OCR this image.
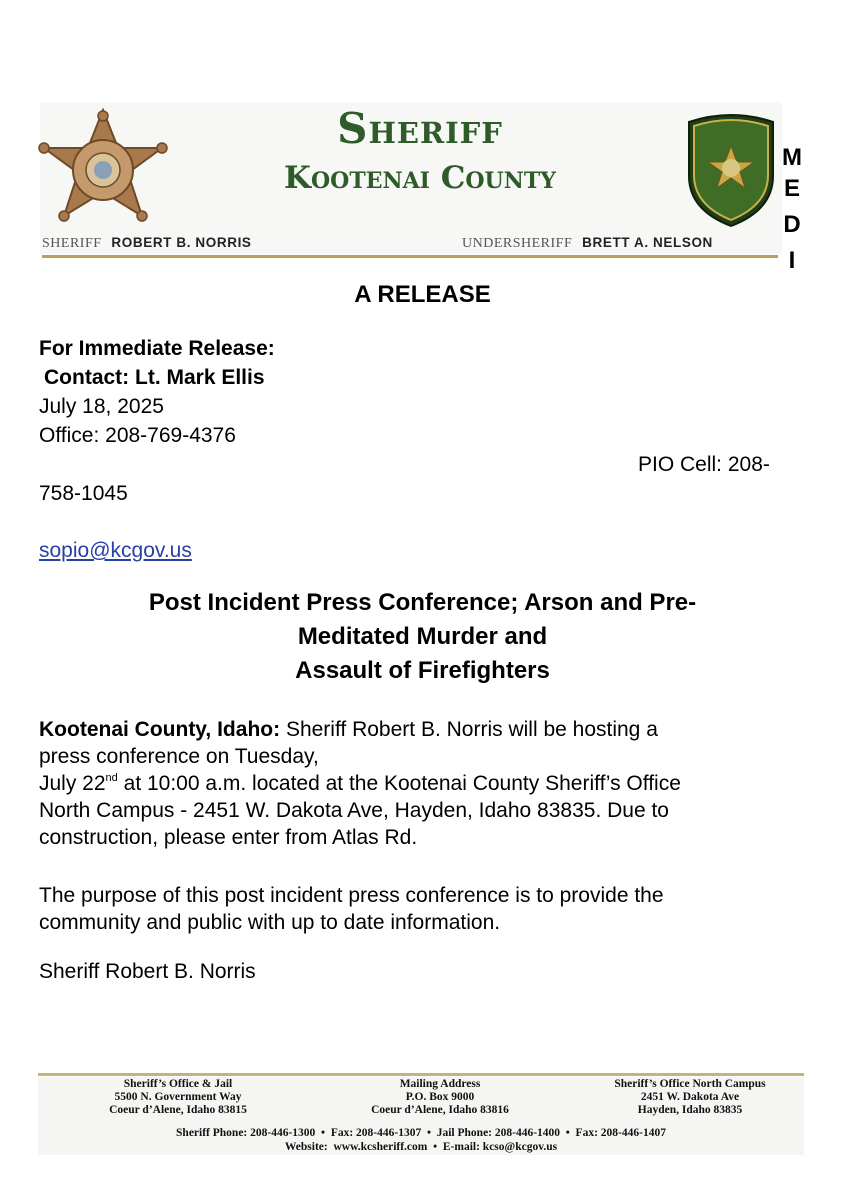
Sheriff
Kootenai County
M
E
D
I
SHERIFF ROBERT B. NORRIS	UNDERSHERIFF BRETT A. NELSON
A RELEASE
For Immediate Release:
Contact: Lt. Mark Ellis
July 18, 2025
Office: 208-769-4376
PIO Cell: 208-
758-1045
sopio@kcgov.us
Post Incident Press Conference; Arson and Pre-
Meditated Murder and
Assault of Firefighters
Kootenai County, Idaho: Sheriff Robert B. Norris will be hosting a
press conference on Tuesday,
July 22nd at 10:00 a.m. located at the Kootenai County Sheriff’s Office
North Campus - 2451 W. Dakota Ave, Hayden, Idaho 83835. Due to
construction, please enter from Atlas Rd.
The purpose of this post incident press conference is to provide the
community and public with up to date information.
Sheriff Robert B. Norris
Sheriff’s Office & Jail
5500 N. Government Way
Coeur d’Alene, Idaho 83815
Mailing Address
P.O. Box 9000
Coeur d’Alene, Idaho 83816
Sheriff’s Office North Campus
2451 W. Dakota Ave
Hayden, Idaho 83835
Sheriff Phone: 208-446-1300  •  Fax: 208-446-1307  •  Jail Phone: 208-446-1400  •  Fax: 208-446-1407
Website:  www.kcsheriff.com  •  E-mail: kcso@kcgov.us
